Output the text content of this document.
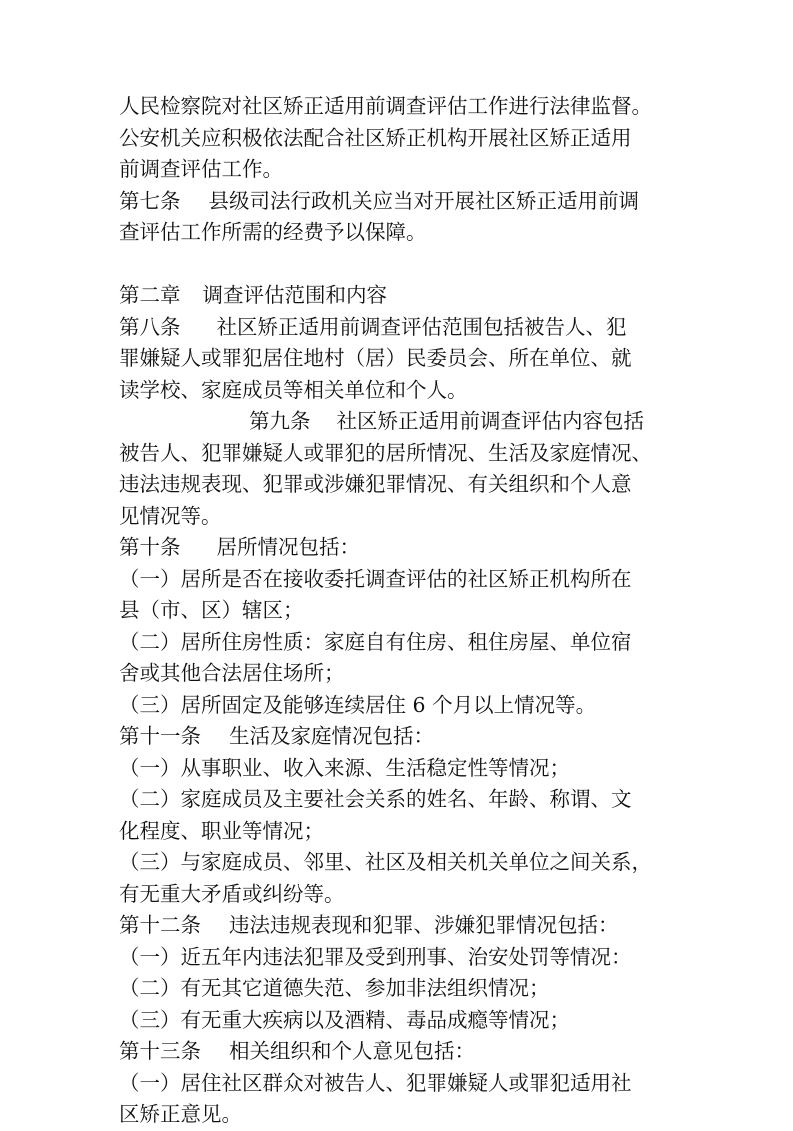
人民检察院对社区矫正适用前调查评估工作进行法律监督。
公安机关应积极依法配合社区矫正机构开展社区矫正适用
前调查评估工作。
第七条 县级司法行政机关应当对开展社区矫正适用前调
查评估工作所需的经费予以保障。
第二章 调查评估范围和内容
第八条 社区矫正适用前调查评估范围包括被告人、犯
罪嫌疑人或罪犯居住地村（居）民委员会、所在单位、就
读学校、家庭成员等相关单位和个人。
第九条 社区矫正适用前调查评估内容包括
被告人、犯罪嫌疑人或罪犯的居所情况、生活及家庭情况、
违法违规表现、犯罪或涉嫌犯罪情况、有关组织和个人意
见情况等。
第十条 居所情况包括：
（一）居所是否在接收委托调查评估的社区矫正机构所在
县（市、区）辖区；
（二）居所住房性质：家庭自有住房、租住房屋、单位宿
舍或其他合法居住场所；
（三）居所固定及能够连续居住 6 个月以上情况等。
第十一条 生活及家庭情况包括：
（一）从事职业、收入来源、生活稳定性等情况；
（二）家庭成员及主要社会关系的姓名、年龄、称谓、文
化程度、职业等情况；
（三）与家庭成员、邻里、社区及相关机关单位之间关系，
有无重大矛盾或纠纷等。
第十二条 违法违规表现和犯罪、涉嫌犯罪情况包括：
（一）近五年内违法犯罪及受到刑事、治安处罚等情况：
（二）有无其它道德失范、参加非法组织情况；
（三）有无重大疾病以及酒精、毒品成瘾等情况；
第十三条 相关组织和个人意见包括：
（一）居住社区群众对被告人、犯罪嫌疑人或罪犯适用社
区矫正意见。
